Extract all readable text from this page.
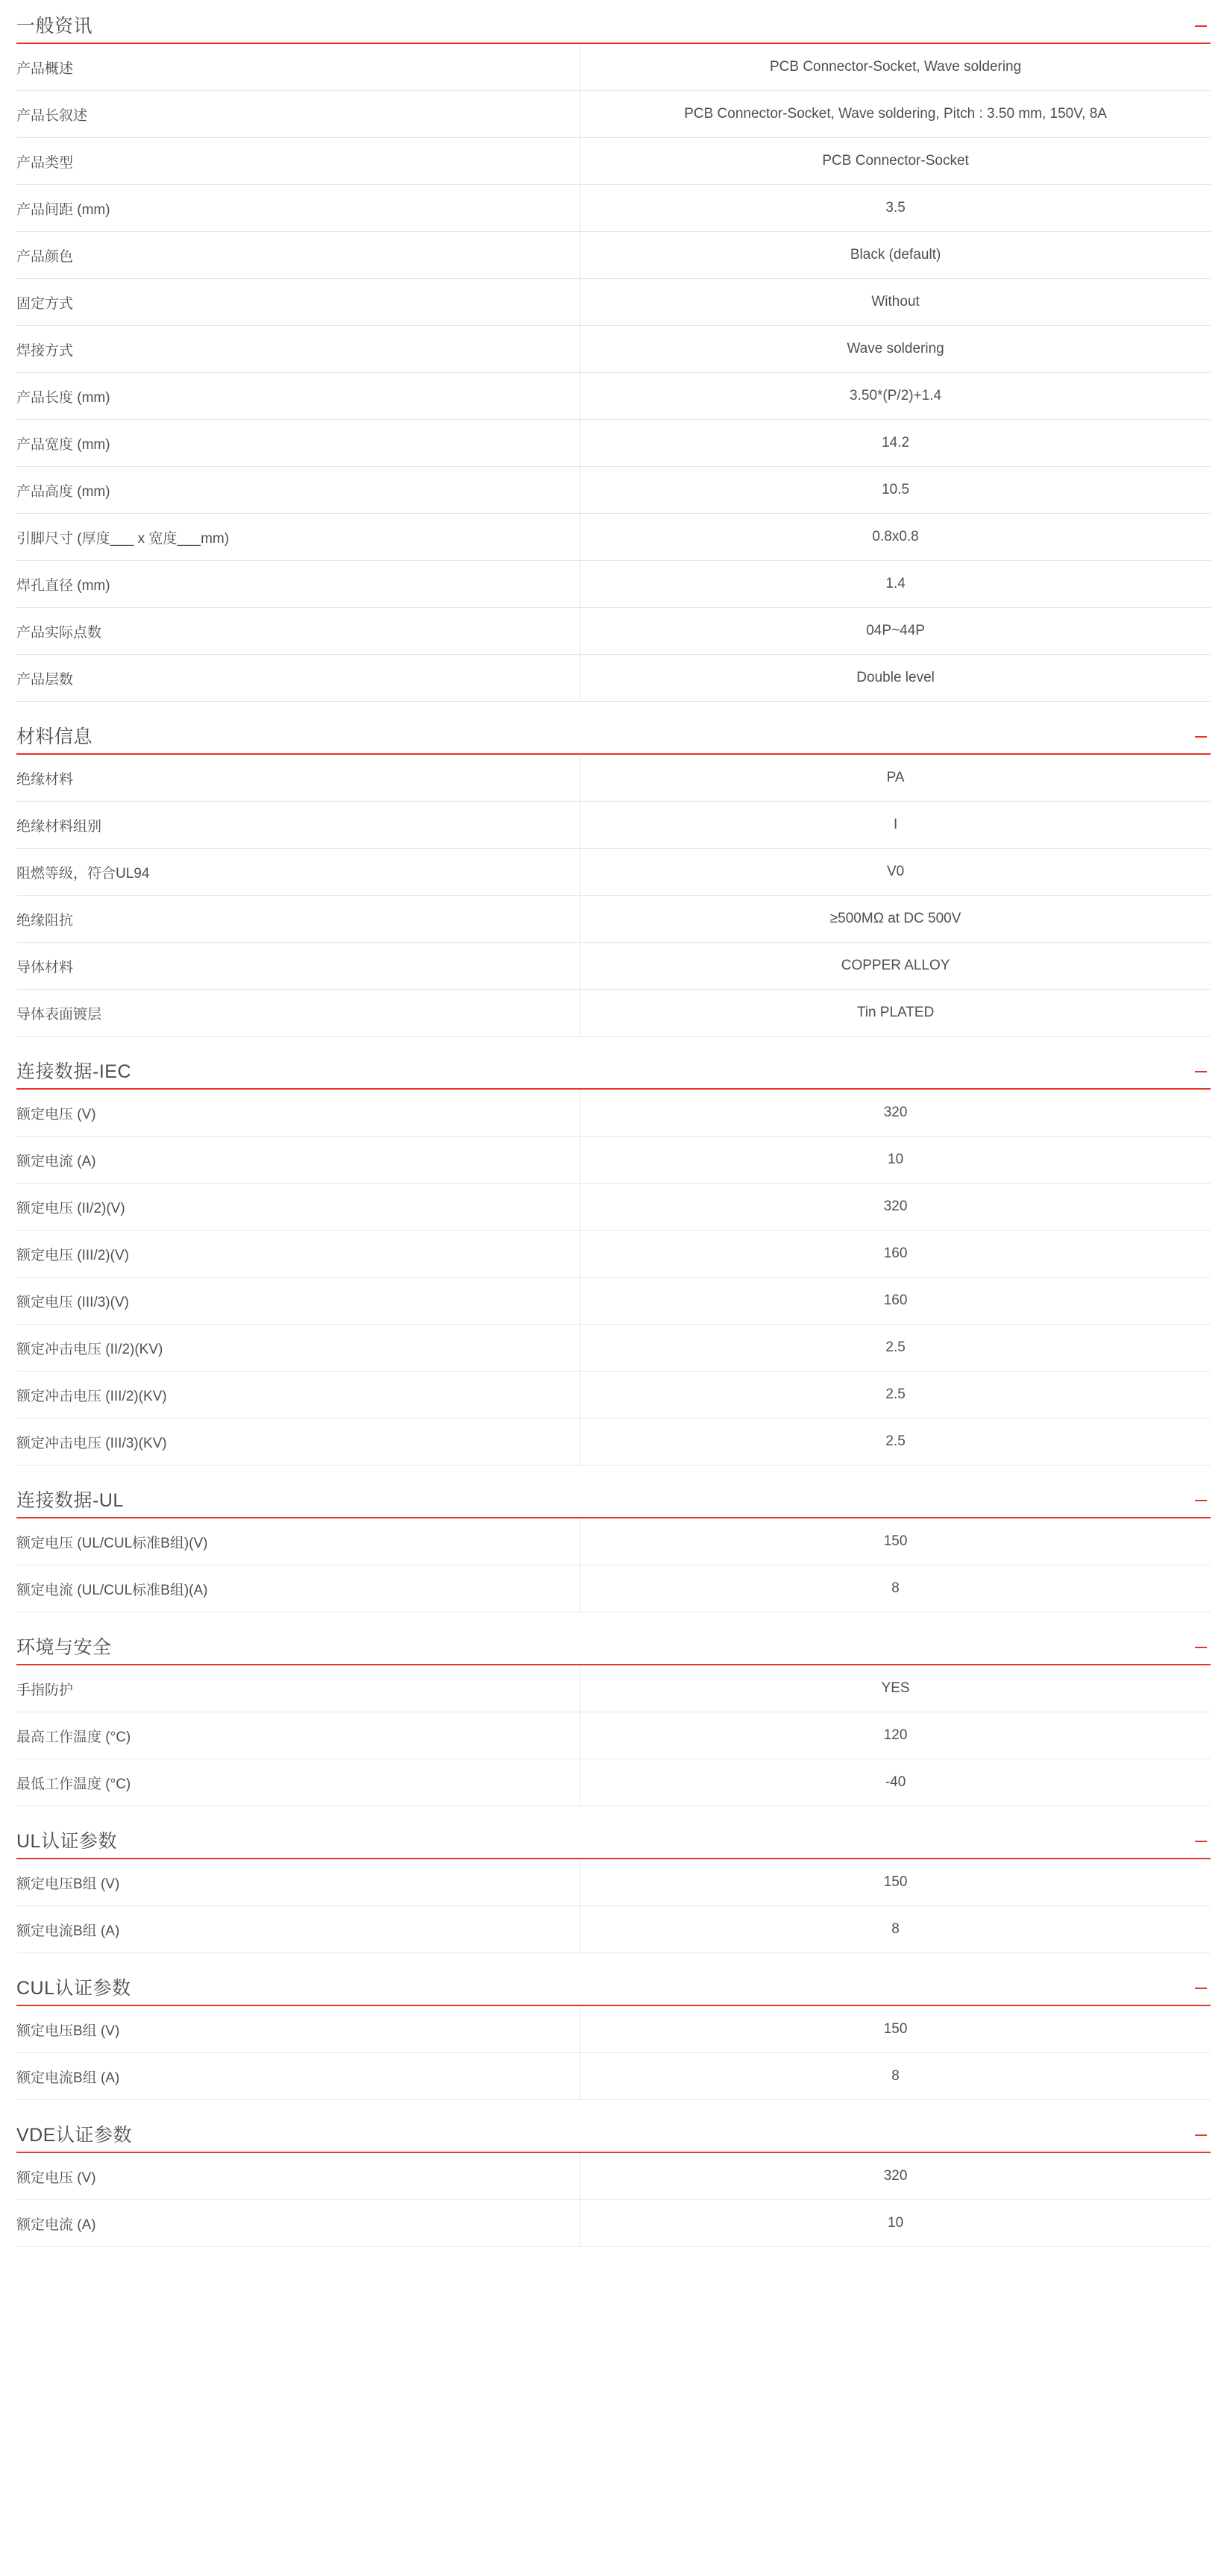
一般资讯
产品概述	PCB Connector-Socket, Wave soldering
产品长叙述	PCB Connector-Socket, Wave soldering, Pitch : 3.50 mm, 150V, 8A
产品类型	PCB Connector-Socket
产品间距 (mm)	3.5
产品颜色	Black (default)
固定方式	Without
焊接方式	Wave soldering
产品长度 (mm)	3.50*(P/2)+1.4
产品宽度 (mm)	14.2
产品高度 (mm)	10.5
引脚尺寸 (厚度___ x 宽度___mm)	0.8x0.8
焊孔直径 (mm)	1.4
产品实际点数	04P~44P
产品层数	Double level
材料信息
绝缘材料	PA
绝缘材料组别	I
阻燃等级，符合UL94	V0
绝缘阻抗	≥500MΩ at DC 500V
导体材料	COPPER ALLOY
导体表面镀层	Tin PLATED
连接数据-IEC
额定电压 (V)	320
额定电流 (A)	10
额定电压 (II/2)(V)	320
额定电压 (III/2)(V)	160
额定电压 (III/3)(V)	160
额定冲击电压 (II/2)(KV)	2.5
额定冲击电压 (III/2)(KV)	2.5
额定冲击电压 (III/3)(KV)	2.5
连接数据-UL
额定电压 (UL/CUL标准B组)(V)	150
额定电流 (UL/CUL标准B组)(A)	8
环境与安全
手指防护	YES
最高工作温度 (°C)	120
最低工作温度 (°C)	-40
UL认证参数
额定电压B组 (V)	150
额定电流B组 (A)	8
CUL认证参数
额定电压B组 (V)	150
额定电流B组 (A)	8
VDE认证参数
额定电压 (V)	320
额定电流 (A)	10
